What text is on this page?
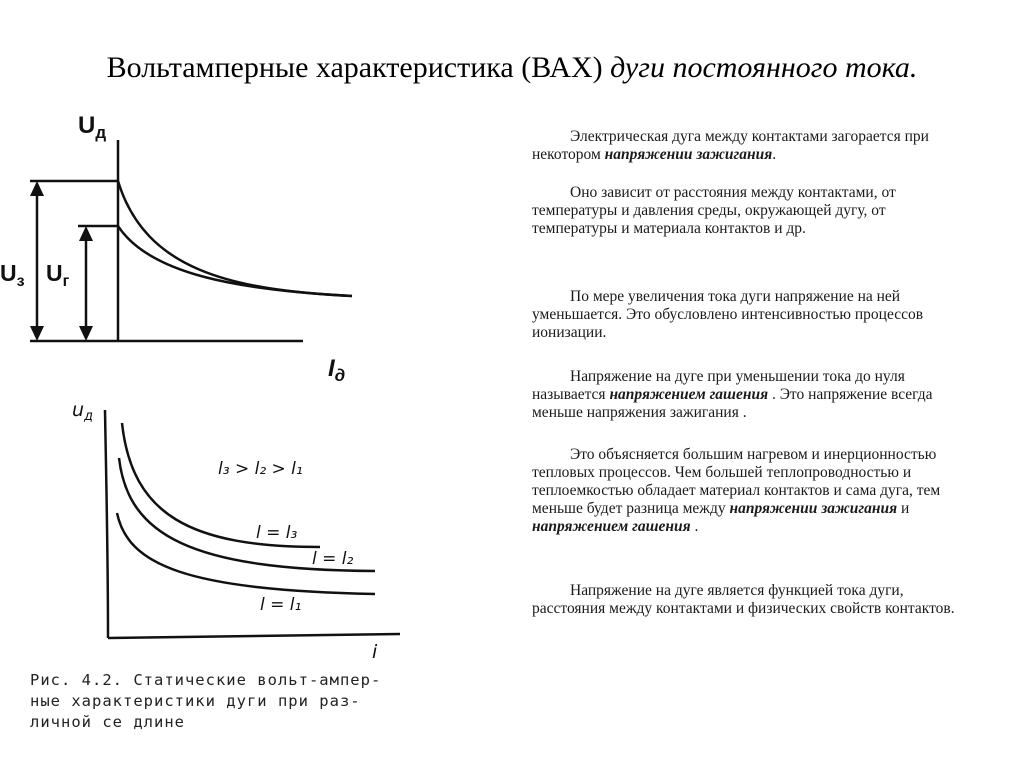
Вольтамперные характеристика (ВАХ) дуги постоянного тока.
$U_д$
$I_д$
$U_з$ $U_г$
$u_д$
i
l₃ > l₂ > l₁
l = l₃
l = l₂
l = l₁
Рис. 4.2. Статические вольт-ампер-
ные характеристики дуги при раз-
личной се длине

Электрическая дуга между контактами загорается при некотором напряжении зажигания.

Оно зависит от расстояния между контактами, от температуры и давления среды, окружающей дугу, от температуры и материала контактов и др.

По мере увеличения тока дуги напряжение на ней уменьшается. Это обусловлено интенсивностью процессов ионизации.

Напряжение на дуге при уменьшении тока до нуля называется напряжением гашения . Это напряжение всегда меньше напряжения зажигания .

Это объясняется большим нагревом и инерционностью тепловых процессов. Чем большей теплопроводностью и теплоемкостью обладает материал контактов и сама дуга, тем меньше будет разница между напряжении зажигания и напряжением гашения .

Напряжение на дуге является функцией тока дуги, расстояния между контактами и физических свойств контактов.
